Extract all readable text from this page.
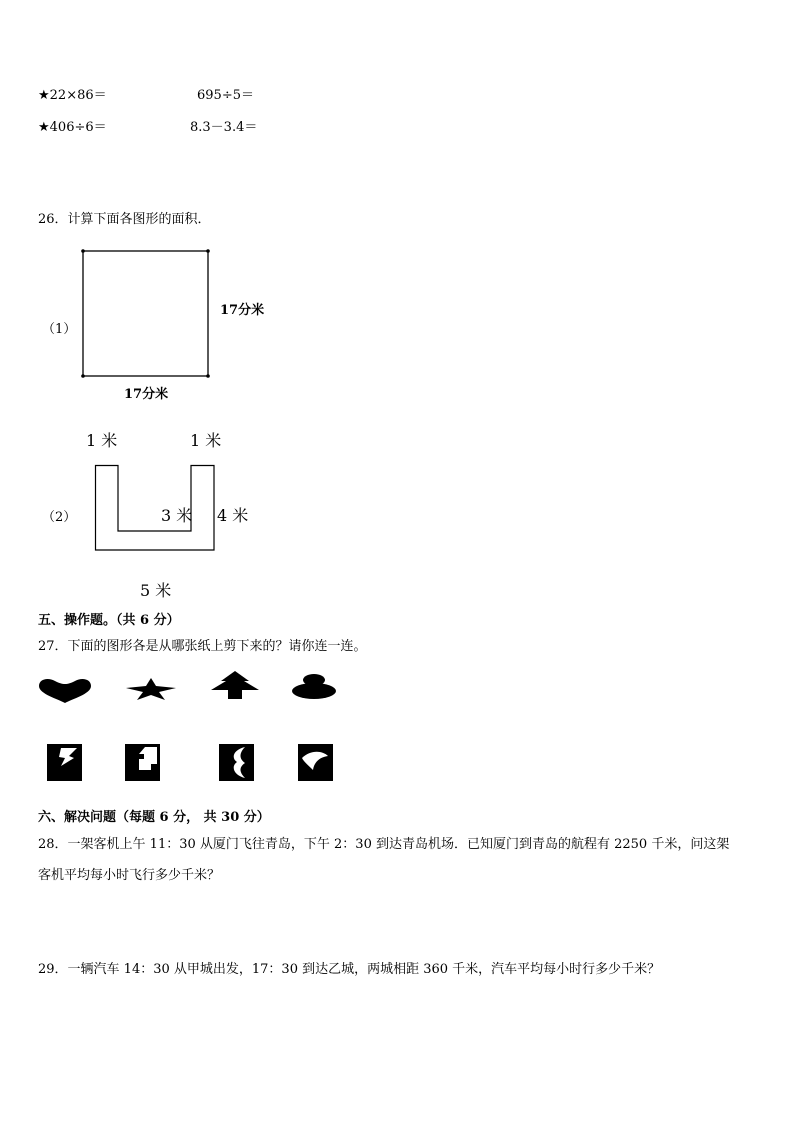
★22×86＝	695÷5＝
★406÷6＝	8.3－3.4＝
26．计算下面各图形的面积．
（1）
17分米
17分米
1 米	1 米
（2）	3 米 4 米
5 米
五、操作题。（共 6 分）
27．下面的图形各是从哪张纸上剪下来的？请你连一连。
六、解决问题（每题 6 分， 共 30 分）
28．一架客机上午 11：30 从厦门飞往青岛，下午 2：30 到达青岛机场．已知厦门到青岛的航程有 2250 千米，问这架
客机平均每小时飞行多少千米？
29．一辆汽车 14：30 从甲城出发，17：30 到达乙城，两城相距 360 千米，汽车平均每小时行多少千米？
